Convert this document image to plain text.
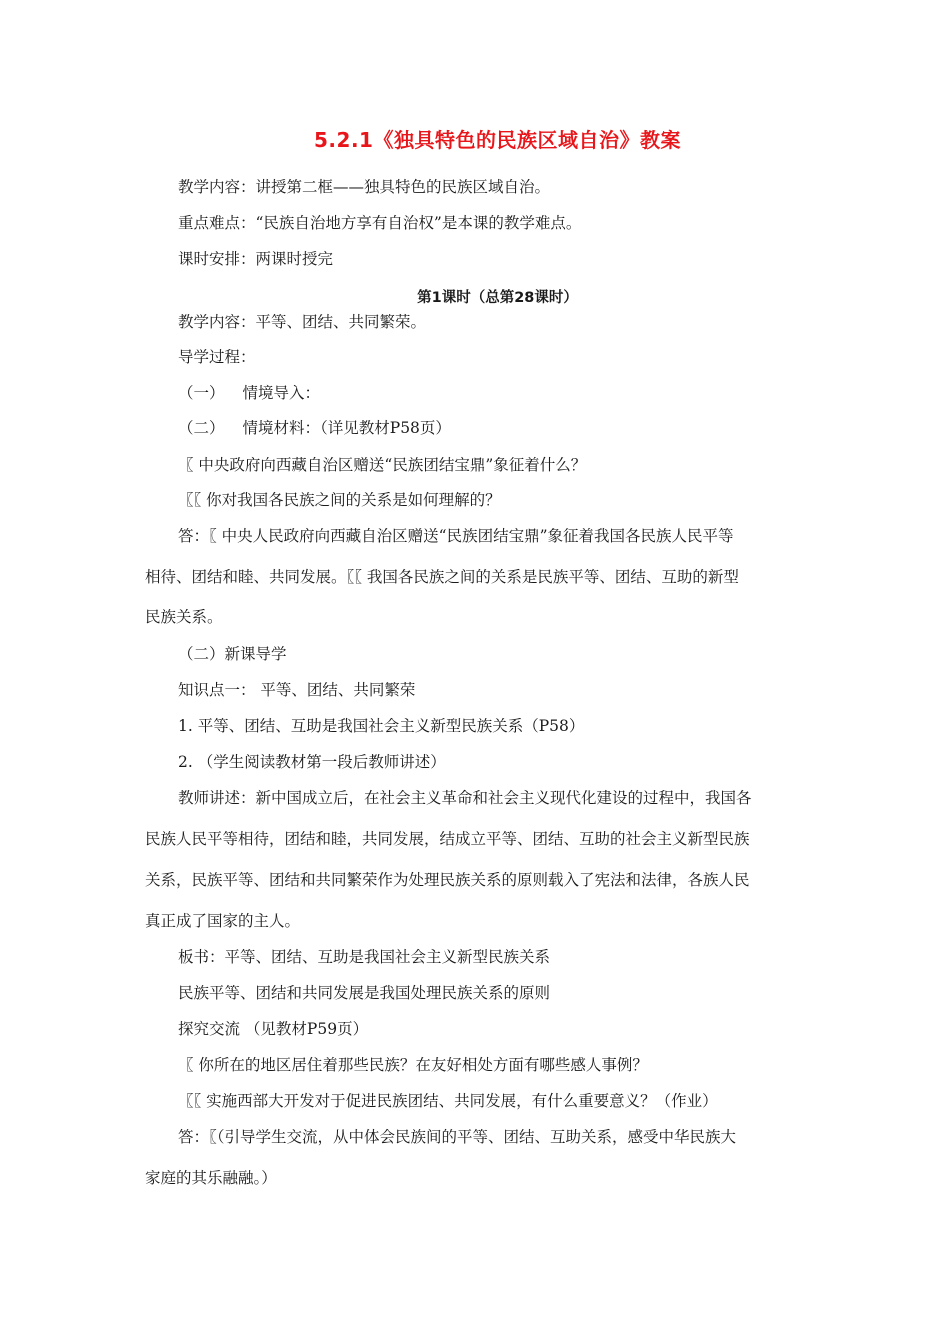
5.2.1《独具特色的民族区域自治》教案
教学内容：讲授第二框——独具特色的民族区域自治。
重点难点：“民族自治地方享有自治权”是本课的教学难点。
课时安排：两课时授完
第1课时（总第28课时）
教学内容：平等、团结、共同繁荣。
导学过程：
（一） 情境导入：
（二） 情境材料：（详见教材P58页）
〖 中央政府向西藏自治区赠送“民族团结宝鼎”象征着什么？
〖〖 你对我国各民族之间的关系是如何理解的？
答：〖 中央人民政府向西藏自治区赠送“民族团结宝鼎”象征着我国各民族人民平等
相待、团结和睦、共同发展。〖〖 我国各民族之间的关系是民族平等、团结、互助的新型
民族关系。
（二）新课导学
知识点一： 平等、团结、共同繁荣
1. 平等、团结、互助是我国社会主义新型民族关系（P58）
2. （学生阅读教材第一段后教师讲述）
教师讲述：新中国成立后，在社会主义革命和社会主义现代化建设的过程中，我国各
民族人民平等相待，团结和睦，共同发展，结成立平等、团结、互助的社会主义新型民族
关系，民族平等、团结和共同繁荣作为处理民族关系的原则载入了宪法和法律，各族人民
真正成了国家的主人。
板书：平等、团结、互助是我国社会主义新型民族关系
民族平等、团结和共同发展是我国处理民族关系的原则
探究交流 （见教材P59页）
〖 你所在的地区居住着那些民族？在友好相处方面有哪些感人事例？
〖〖 实施西部大开发对于促进民族团结、共同发展，有什么重要意义？（作业）
答：〖（引导学生交流，从中体会民族间的平等、团结、互助关系，感受中华民族大
家庭的其乐融融。）
